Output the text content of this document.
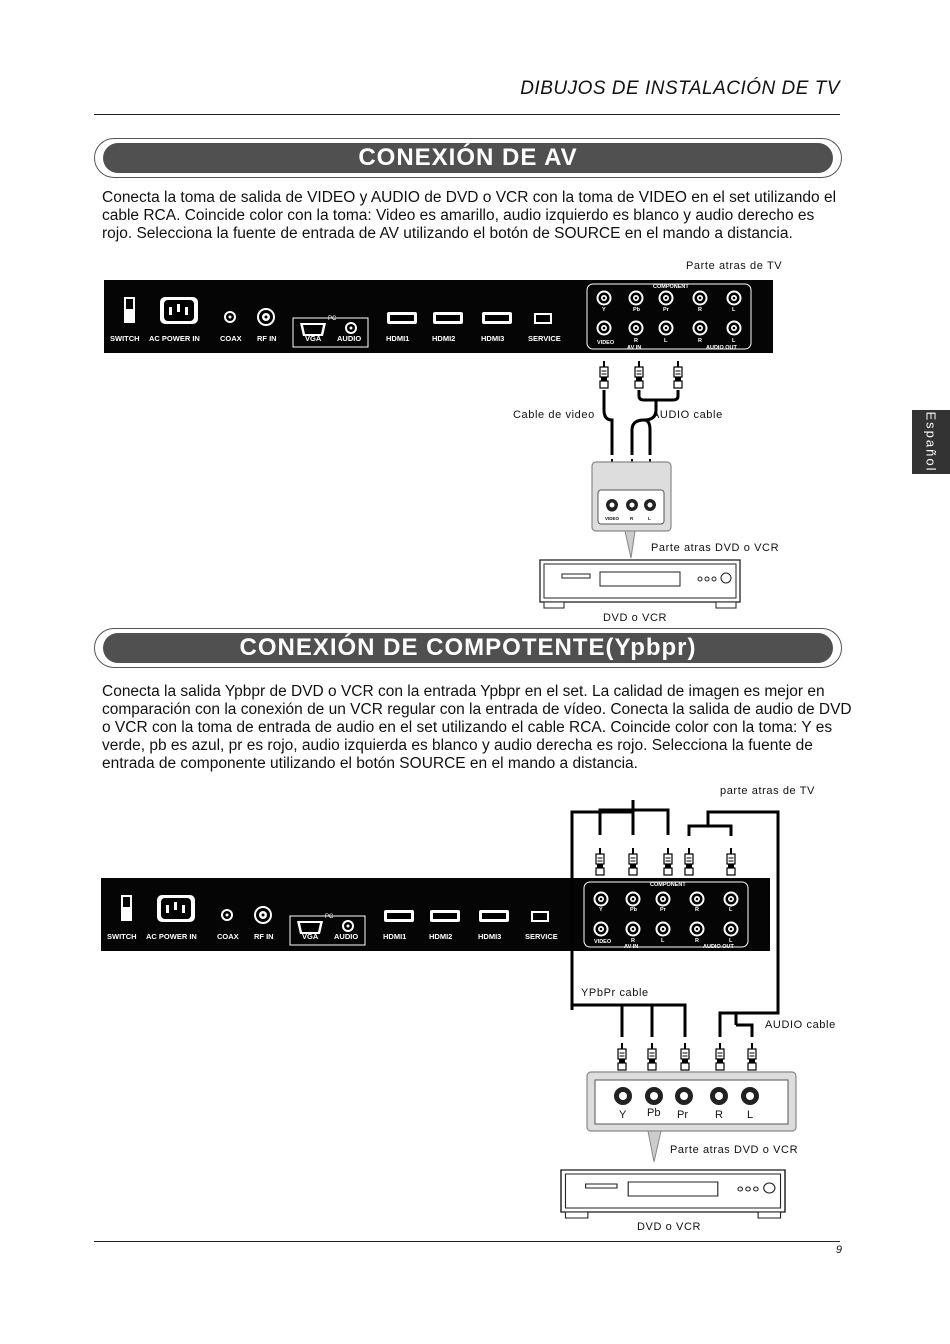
DIBUJOS DE INSTALACIÓN DE TV
CONEXIÓN DE AV
Conecta la toma de salida de VIDEO y AUDIO de DVD o VCR con la toma de VIDEO en el set utilizando el cable RCA. Coincide color con la toma: Video es amarillo, audio izquierdo es blanco y audio derecho es rojo. Selecciona la fuente de entrada de AV utilizando el botón de SOURCE en el mando a distancia.
Parte atras de TV
Cable de video	AUDIO cable
Parte atras DVD o VCR
DVD o VCR
CONEXIÓN DE COMPOTENTE(Ypbpr)
Conecta la salida Ypbpr de DVD o VCR con la entrada Ypbpr en el set. La calidad de imagen es mejor en comparación con la conexión de un VCR regular con la entrada de vídeo. Conecta la salida de audio de DVD o VCR con la toma de entrada de audio en el set utilizando el cable RCA. Coincide color con la toma: Y es verde, pb es azul, pr es rojo, audio izquierda es blanco y audio derecha es rojo. Selecciona la fuente de entrada de componente utilizando el botón SOURCE en el mando a distancia.
parte atras de TV
YPbPr cable
AUDIO cable
Parte atras DVD o VCR
DVD o VCR
Español
9
SWITCH AC POWER IN	COAX RF IN	VGA AUDIO	HDMI1	HDMI2	HDMI3	SERVICE
PC
COMPONENT
Y	Pb	Pr	R	L
VIDEO	R	L	R	L
AV IN	AUDIO OUT
VIDEO R	L
SWITCH AC POWER IN	COAX RF IN	VGA AUDIO	HDMI1	HDMI2	HDMI3	SERVICE
PC
COMPONENT
Y	Pb	Pr	R	L
VIDEO	R	L	R	L
AV IN	AUDIO OUT
Y Pb Pr R L
